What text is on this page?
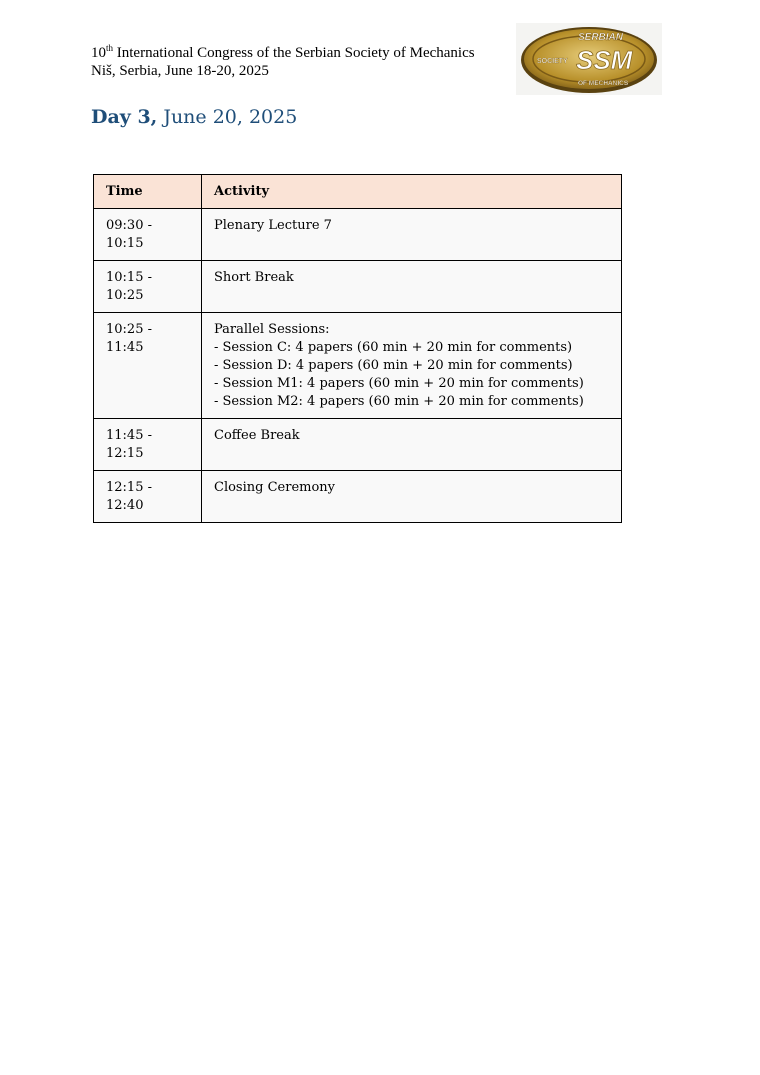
10th International Congress of the Serbian Society of Mechanics
Niš, Serbia, June 18-20, 2025
SERBIAN
SOCIETY SSM
OF MECHANICS
Day 3, June 20, 2025
Time	Activity
09:30 - 10:15	Plenary Lecture 7

10:15 - 10:25	Short Break

10:25 - 11:45	Parallel Sessions:
- Session C: 4 papers (60 min + 20 min for comments)
- Session D: 4 papers (60 min + 20 min for comments)
- Session M1: 4 papers (60 min + 20 min for comments)
- Session M2: 4 papers (60 min + 20 min for comments)

11:45 - 12:15	Coffee Break

12:15 - 12:40	Closing Ceremony
